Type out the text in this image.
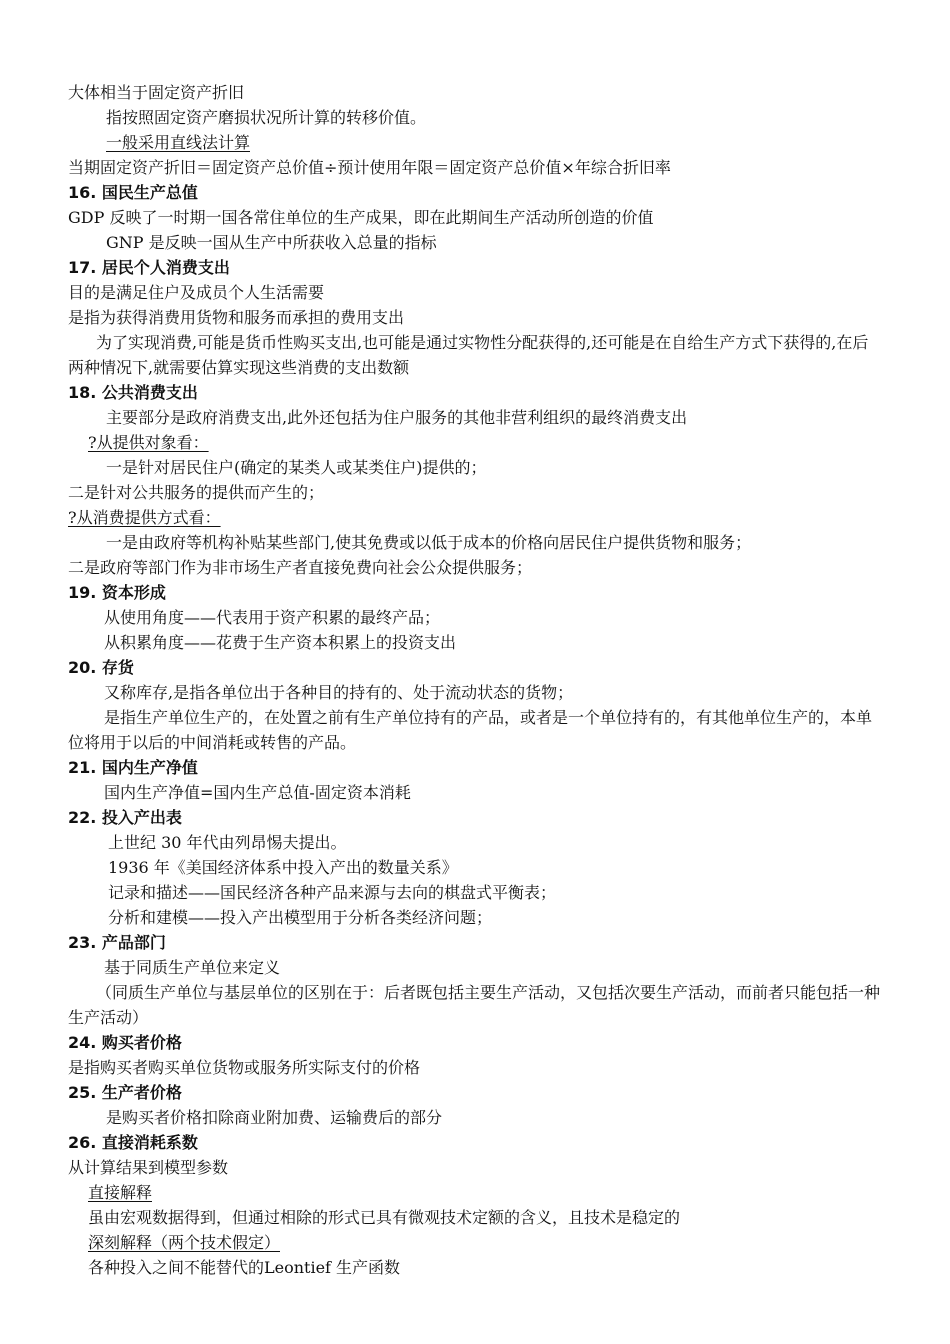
大体相当于固定资产折旧
指按照固定资产磨损状况所计算的转移价值。
一般采用直线法计算
当期固定资产折旧＝固定资产总价值÷预计使用年限＝固定资产总价值×年综合折旧率
16. 国民生产总值
GDP 反映了一时期一国各常住单位的生产成果，即在此期间生产活动所创造的价值
GNP 是反映一国从生产中所获收入总量的指标
17. 居民个人消费支出
目的是满足住户及成员个人生活需要
是指为获得消费用货物和服务而承担的费用支出
为了实现消费,可能是货币性购买支出,也可能是通过实物性分配获得的,还可能是在自给生产方式下获得的,在后两种情况下,就需要估算实现这些消费的支出数额
18. 公共消费支出
主要部分是政府消费支出,此外还包括为住户服务的其他非营利组织的最终消费支出
?从提供对象看：
一是针对居民住户(确定的某类人或某类住户)提供的；
二是针对公共服务的提供而产生的；
?从消费提供方式看：
一是由政府等机构补贴某些部门,使其免费或以低于成本的价格向居民住户提供货物和服务；
二是政府等部门作为非市场生产者直接免费向社会公众提供服务；
19. 资本形成
从使用角度——代表用于资产积累的最终产品；
从积累角度——花费于生产资本积累上的投资支出
20. 存货
又称库存,是指各单位出于各种目的持有的、处于流动状态的货物；
是指生产单位生产的，在处置之前有生产单位持有的产品，或者是一个单位持有的，有其他单位生产的，本单位将用于以后的中间消耗或转售的产品。
21. 国内生产净值
国内生产净值=国内生产总值-固定资本消耗
22. 投入产出表
上世纪 30 年代由列昂惕夫提出。
1936 年《美国经济体系中投入产出的数量关系》
记录和描述——国民经济各种产品来源与去向的棋盘式平衡表；
分析和建模——投入产出模型用于分析各类经济问题；
23. 产品部门
基于同质生产单位来定义
（同质生产单位与基层单位的区别在于：后者既包括主要生产活动，又包括次要生产活动，而前者只能包括一种生产活动）
24. 购买者价格
是指购买者购买单位货物或服务所实际支付的价格
25. 生产者价格
是购买者价格扣除商业附加费、运输费后的部分
26. 直接消耗系数
从计算结果到模型参数
直接解释
虽由宏观数据得到，但通过相除的形式已具有微观技术定额的含义，且技术是稳定的
深刻解释（两个技术假定）
各种投入之间不能替代的Leontief 生产函数
